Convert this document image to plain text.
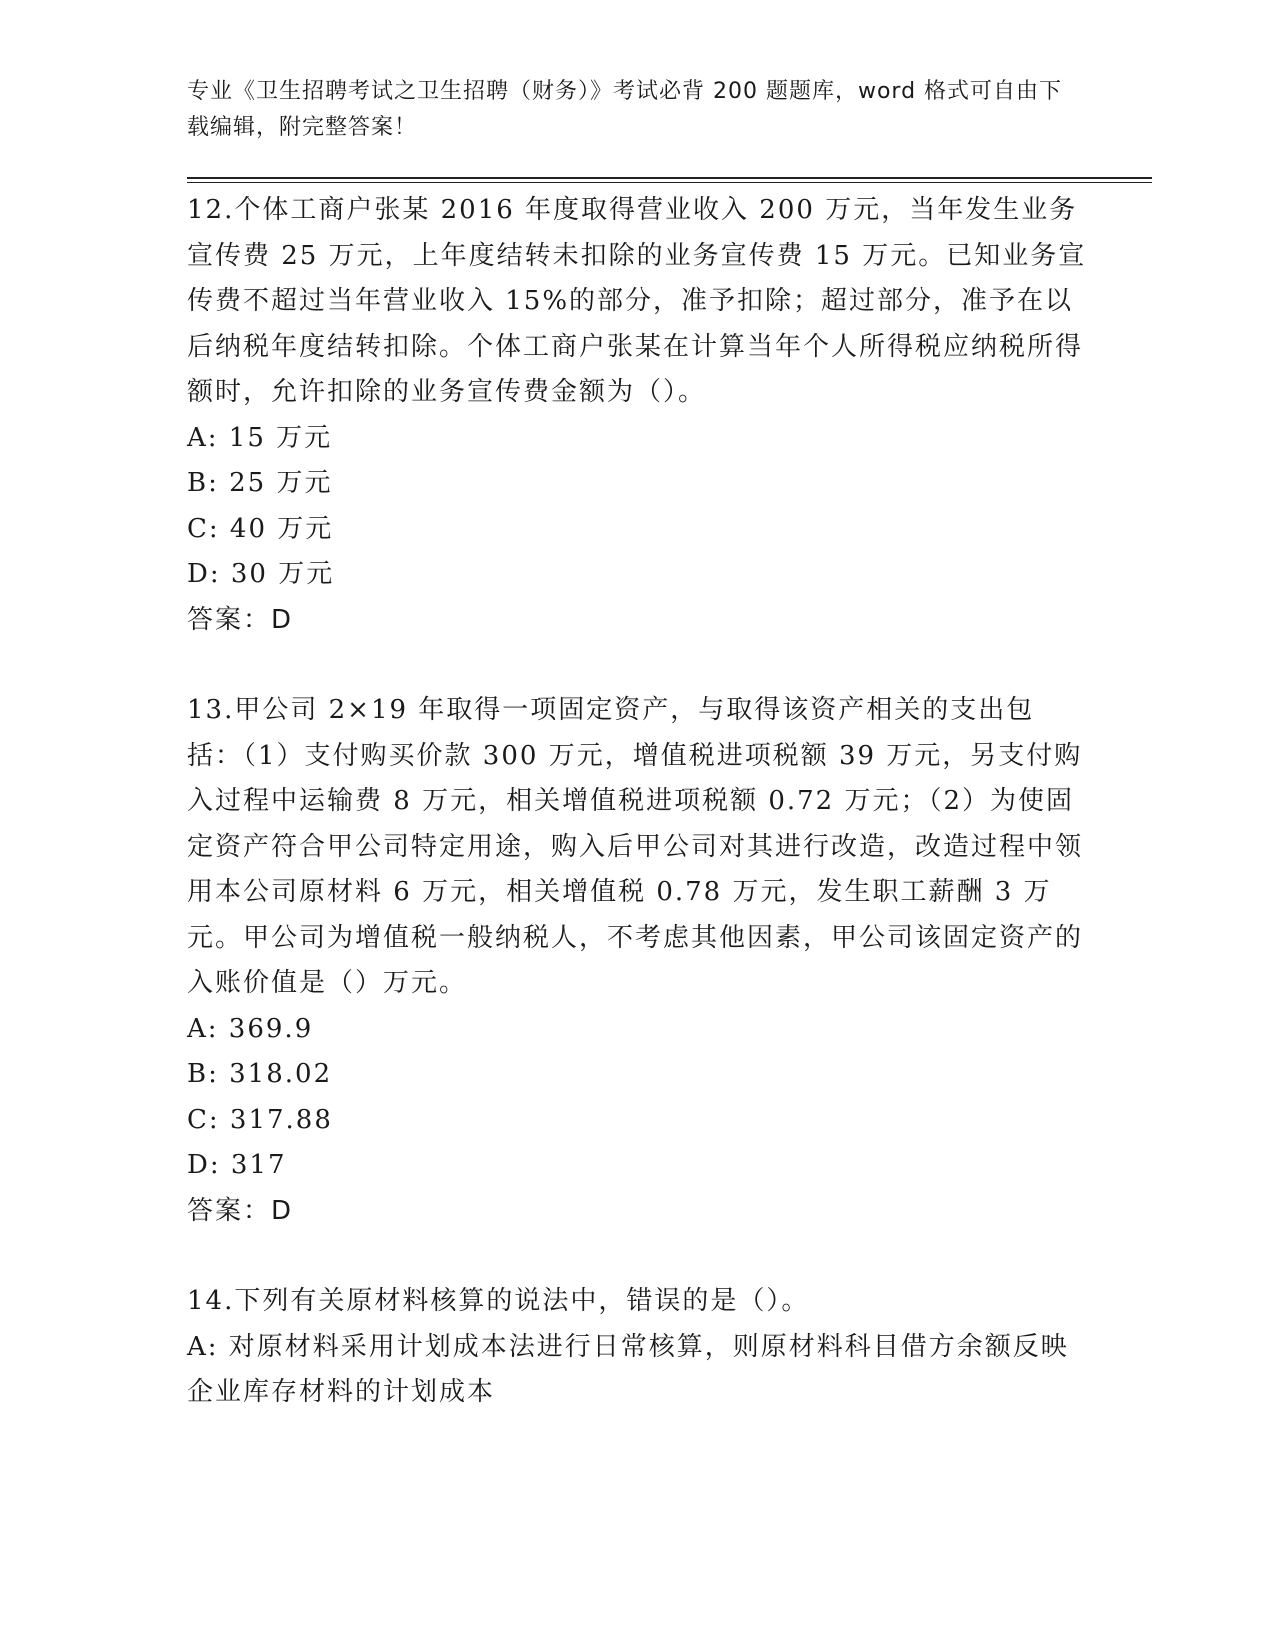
专业《卫生招聘考试之卫生招聘（财务）》考试必背 200 题题库，word 格式可自由下载编辑，附完整答案！

12.个体工商户张某 2016 年度取得营业收入 200 万元，当年发生业务宣传费 25 万元，上年度结转未扣除的业务宣传费 15 万元。已知业务宣传费不超过当年营业收入 15%的部分，准予扣除；超过部分，准予在以后纳税年度结转扣除。个体工商户张某在计算当年个人所得税应纳税所得额时，允许扣除的业务宣传费金额为（）。

A: 15 万元

B: 25 万元

C: 40 万元

D: 30 万元

答案：D

13.甲公司 2×19 年取得一项固定资产，与取得该资产相关的支出包括：（1）支付购买价款 300 万元，增值税进项税额 39 万元，另支付购入过程中运输费 8 万元，相关增值税进项税额 0.72 万元；（2）为使固定资产符合甲公司特定用途，购入后甲公司对其进行改造，改造过程中领用本公司原材料 6 万元，相关增值税 0.78 万元，发生职工薪酬 3 万元。甲公司为增值税一般纳税人，不考虑其他因素，甲公司该固定资产的入账价值是（）万元。

A: 369.9

B: 318.02

C: 317.88

D: 317

答案：D

14.下列有关原材料核算的说法中，错误的是（）。

A: 对原材料采用计划成本法进行日常核算，则原材料科目借方余额反映企业库存材料的计划成本
